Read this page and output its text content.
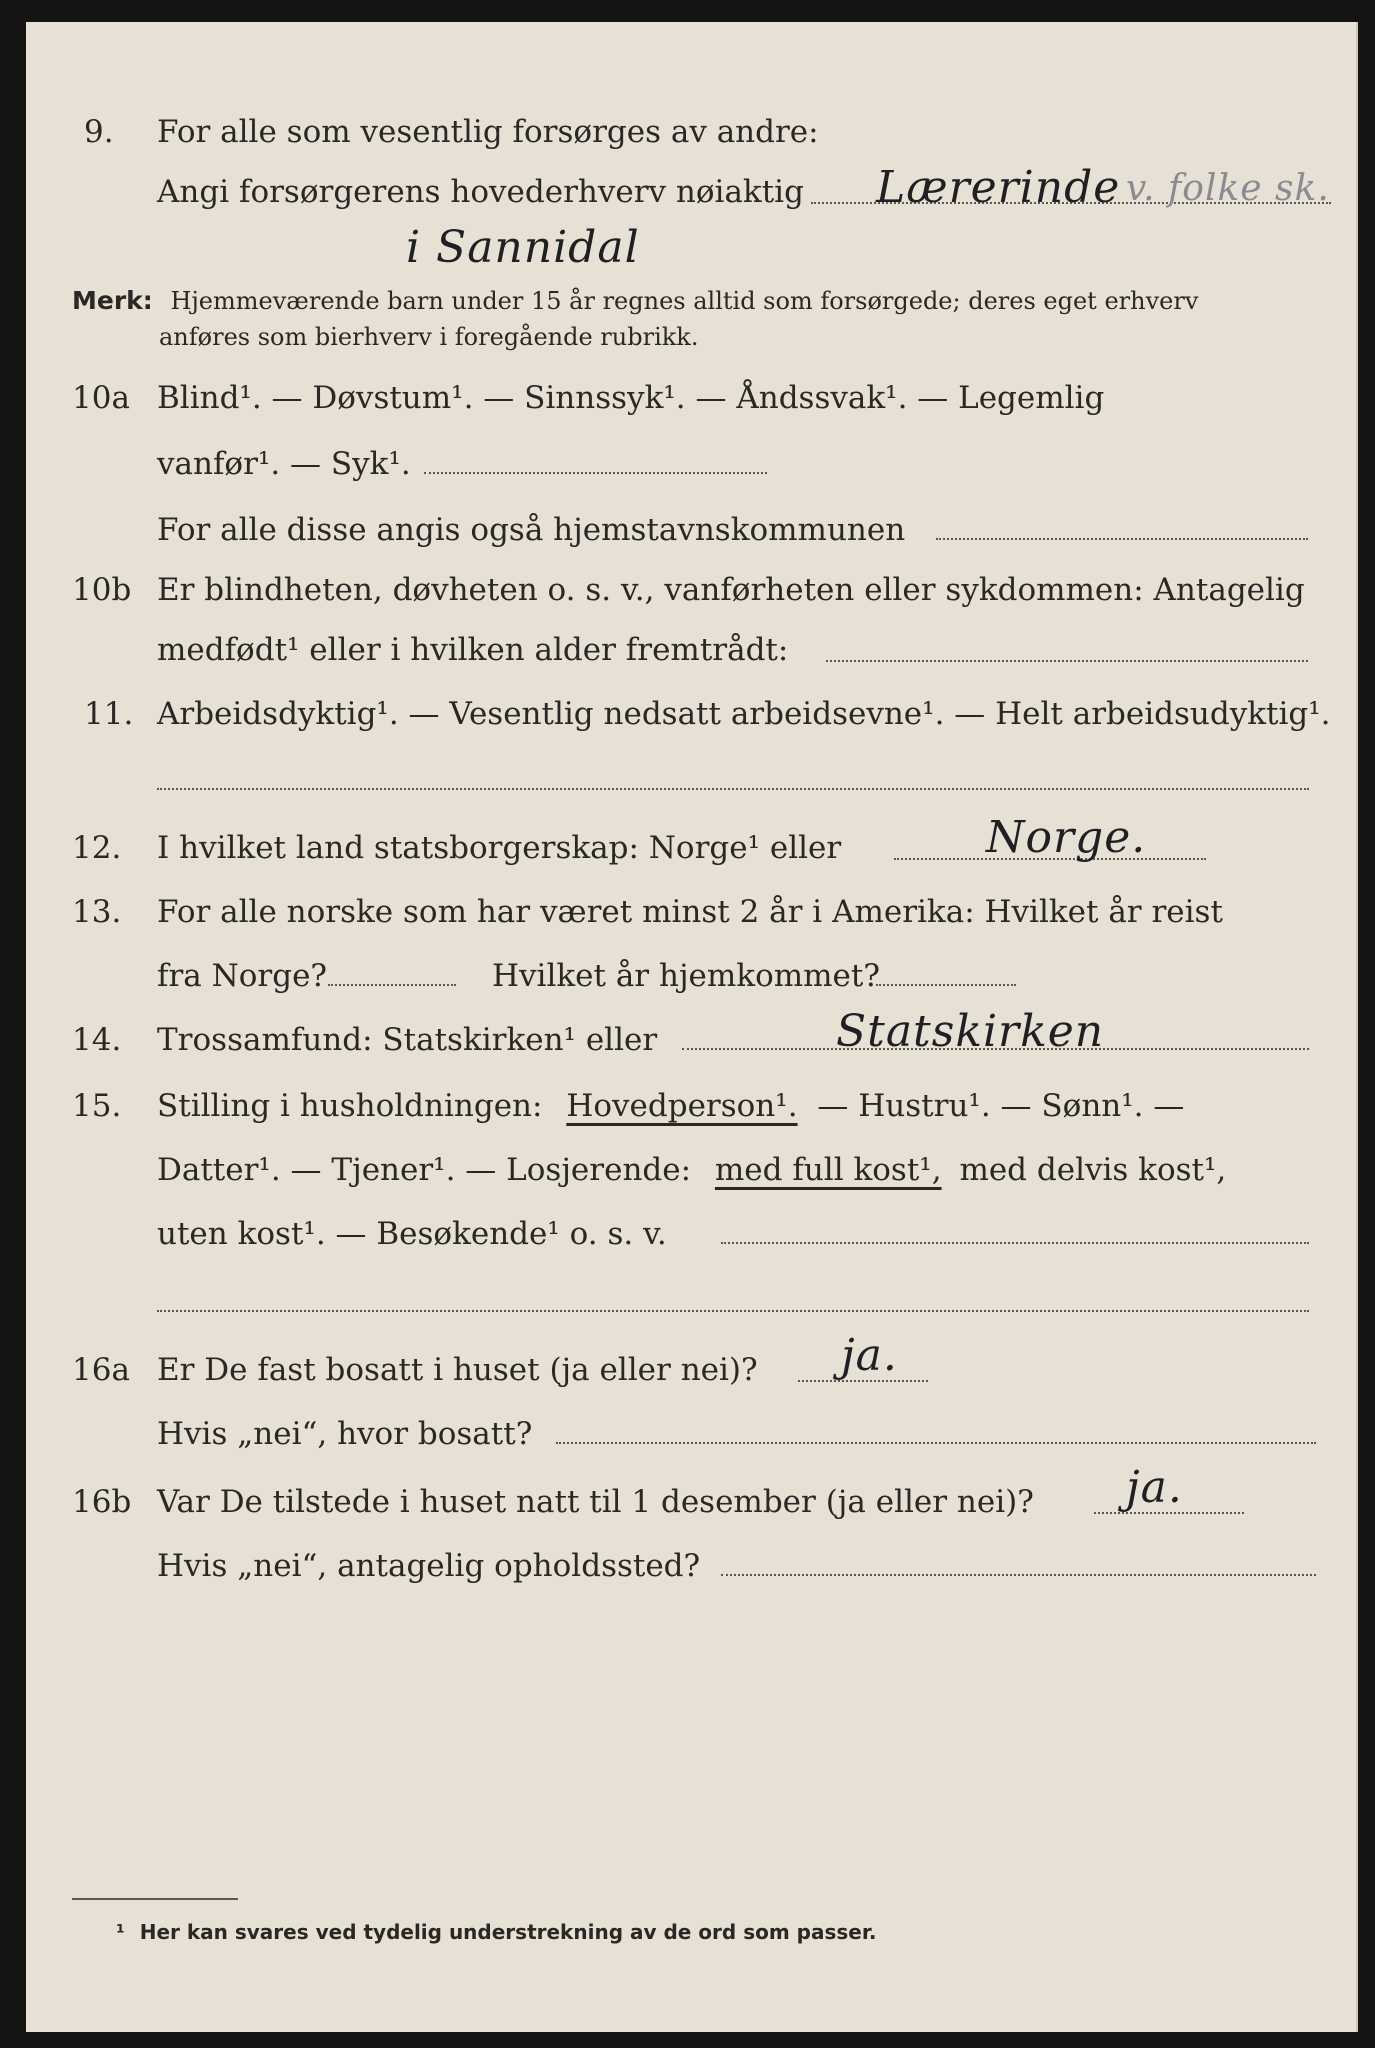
9. For alle som vesentlig forsørges av andre:
Angi forsørgerens hovederhverv nøiaktig Lærerinde v. folke sk.
i Sannidal
Merk: Hjemmeværende barn under 15 år regnes alltid som forsørgede; deres eget erhverv
anføres som bierhverv i foregående rubrikk.
10a Blind¹. — Døvstum¹. — Sinnssyk¹. — Åndssvak¹. — Legemlig
vanfør¹. — Syk¹.
For alle disse angis også hjemstavnskommunen
10b Er blindheten, døvheten o. s. v., vanførheten eller sykdommen: Antagelig
medfødt¹ eller i hvilken alder fremtrådt:
11. Arbeidsdyktig¹. — Vesentlig nedsatt arbeidsevne¹. — Helt arbeidsudyktig¹.
12. I hvilket land statsborgerskap: Norge¹ eller	Norge.
13. For alle norske som har været minst 2 år i Amerika: Hvilket år reist
fra Norge?	Hvilket år hjemkommet?
14. Trossamfund: Statskirken¹ eller	Statskirken
15. Stilling i husholdningen: Hovedperson¹. — Hustru¹. — Sønn¹. —
Datter¹. — Tjener¹. — Losjerende: med full kost¹, med delvis kost¹,
uten kost¹. — Besøkende¹ o. s. v.
16a Er De fast bosatt i huset (ja eller nei)? ja.
Hvis „nei“, hvor bosatt?
16b Var De tilstede i huset natt til 1 desember (ja eller nei)? ja.
Hvis „nei“, antagelig opholdssted?
¹ Her kan svares ved tydelig understrekning av de ord som passer.
